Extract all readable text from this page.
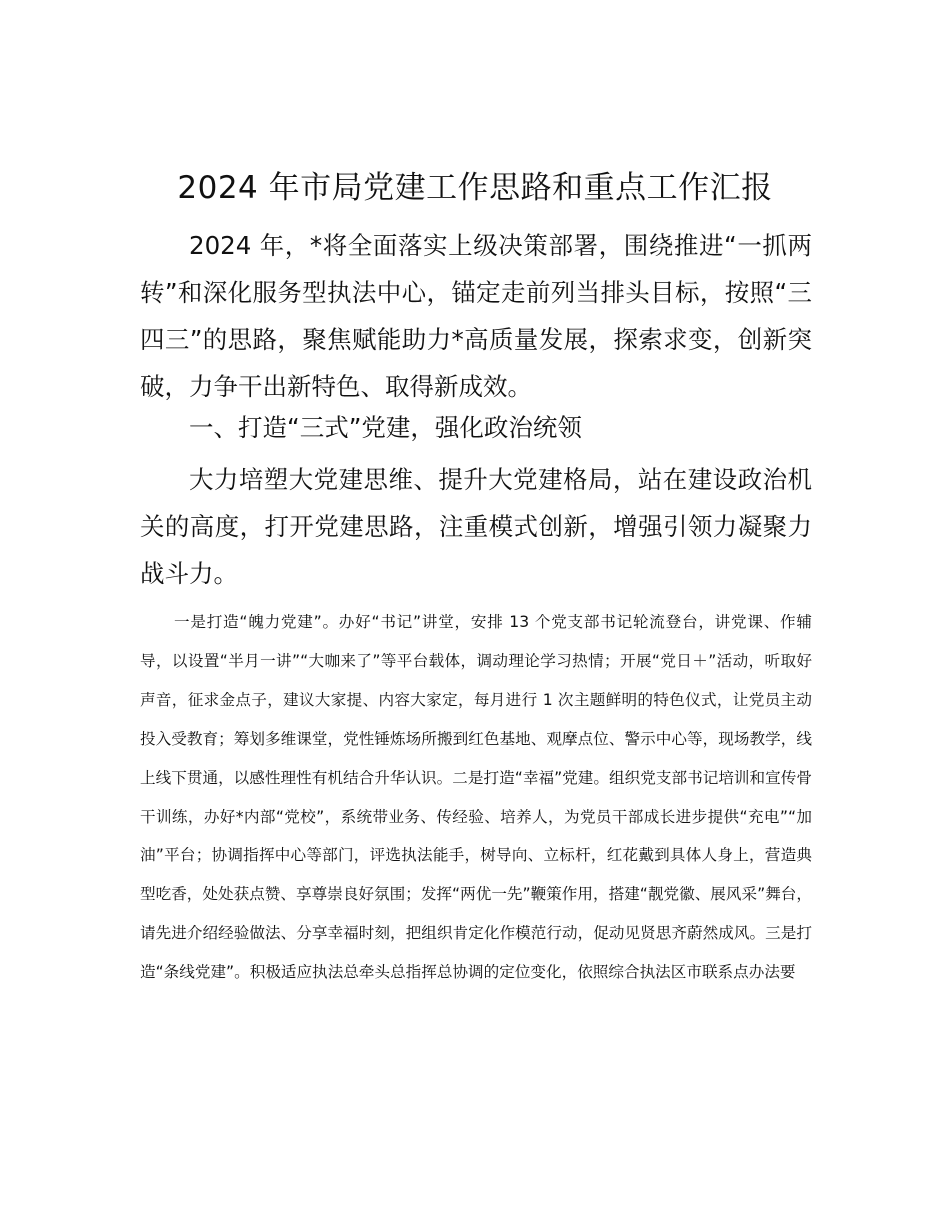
2024 年市局党建工作思路和重点工作汇报

2024 年，*将全面落实上级决策部署，围绕推进“一抓两转”和深化服务型执法中心，锚定走前列当排头目标，按照“三四三”的思路，聚焦赋能助力*高质量发展，探索求变，创新突破，力争干出新特色、取得新成效。

一、打造“三式”党建，强化政治统领

大力培塑大党建思维、提升大党建格局，站在建设政治机关的高度，打开党建思路，注重模式创新，增强引领力凝聚力战斗力。

一是打造“魄力党建”。办好“书记”讲堂，安排 13 个党支部书记轮流登台，讲党课、作辅导，以设置“半月一讲”“大咖来了”等平台载体，调动理论学习热情；开展“党日＋”活动，听取好声音，征求金点子，建议大家提、内容大家定，每月进行 1 次主题鲜明的特色仪式，让党员主动投入受教育；筹划多维课堂，党性锤炼场所搬到红色基地、观摩点位、警示中心等，现场教学，线上线下贯通，以感性理性有机结合升华认识。二是打造“幸福”党建。组织党支部书记培训和宣传骨干训练，办好*内部“党校”，系统带业务、传经验、培养人，为党员干部成长进步提供“充电”“加油”平台；协调指挥中心等部门，评选执法能手，树导向、立标杆，红花戴到具体人身上，营造典型吃香，处处获点赞、享尊崇良好氛围；发挥“两优一先”鞭策作用，搭建“靓党徽、展风采”舞台，请先进介绍经验做法、分享幸福时刻，把组织肯定化作模范行动，促动见贤思齐蔚然成风。三是打造“条线党建”。积极适应执法总牵头总指挥总协调的定位变化，依照综合执法区市联系点办法要
